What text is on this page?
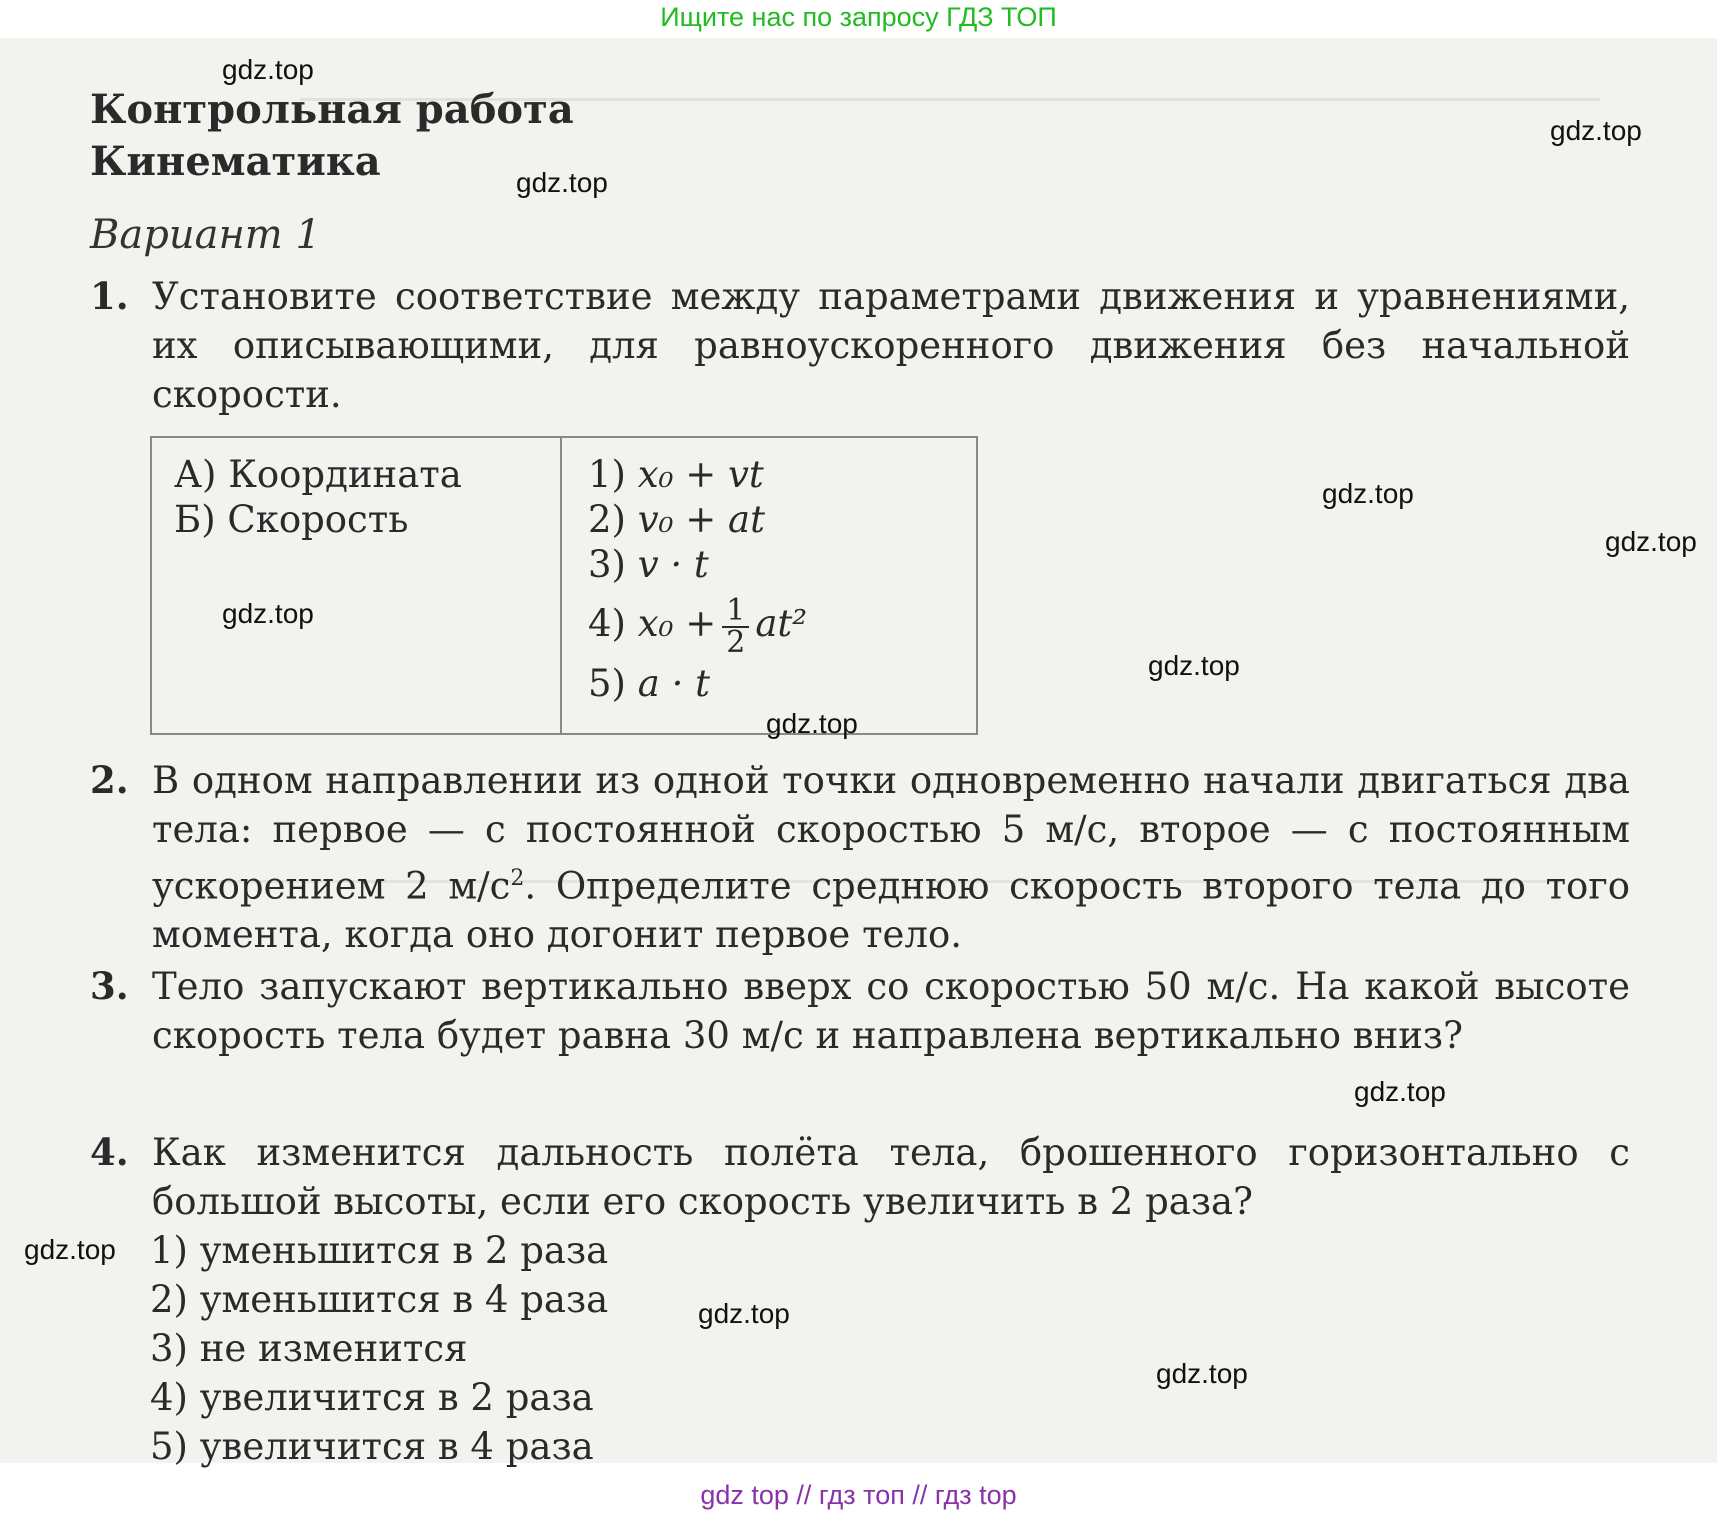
Ищите нас по запросу ГДЗ ТОП
Контрольная работа
Кинематика
Вариант 1
1. Установите соответствие между параметрами движения и уравнениями, их описывающими, для равноускоренного движения без начальной скорости.
А) Координата
Б) Скорость
1) x₀ + vt
2) v₀ + at
3) v · t
4) $x_0 + \frac{1}{2} at^2$
5) a · t
2. В одном направлении из одной точки одновременно начали двигаться два тела: первое — с постоянной скоростью 5 м/с, второе — с постоянным ускорением 2 $м/с^2$. Определите среднюю скорость второго тела до того момента, когда оно догонит первое тело.
3. Тело запускают вертикально вверх со скоростью 50 м/с. На какой высоте скорость тела будет равна 30 м/с и направлена вертикально вниз?
4. Как изменится дальность полёта тела, брошенного горизонтально с большой высоты, если его скорость увеличить в 2 раза?
1) уменьшится в 2 раза
2) уменьшится в 4 раза
3) не изменится
4) увеличится в 2 раза
5) увеличится в 4 раза
gdz.top
gdz.top
gdz.top
gdz.top
gdz.top
gdz.top
gdz.top
gdz.top
gdz.top
gdz.top
gdz.top
gdz.top
gdz top // гдз топ // гдз top
